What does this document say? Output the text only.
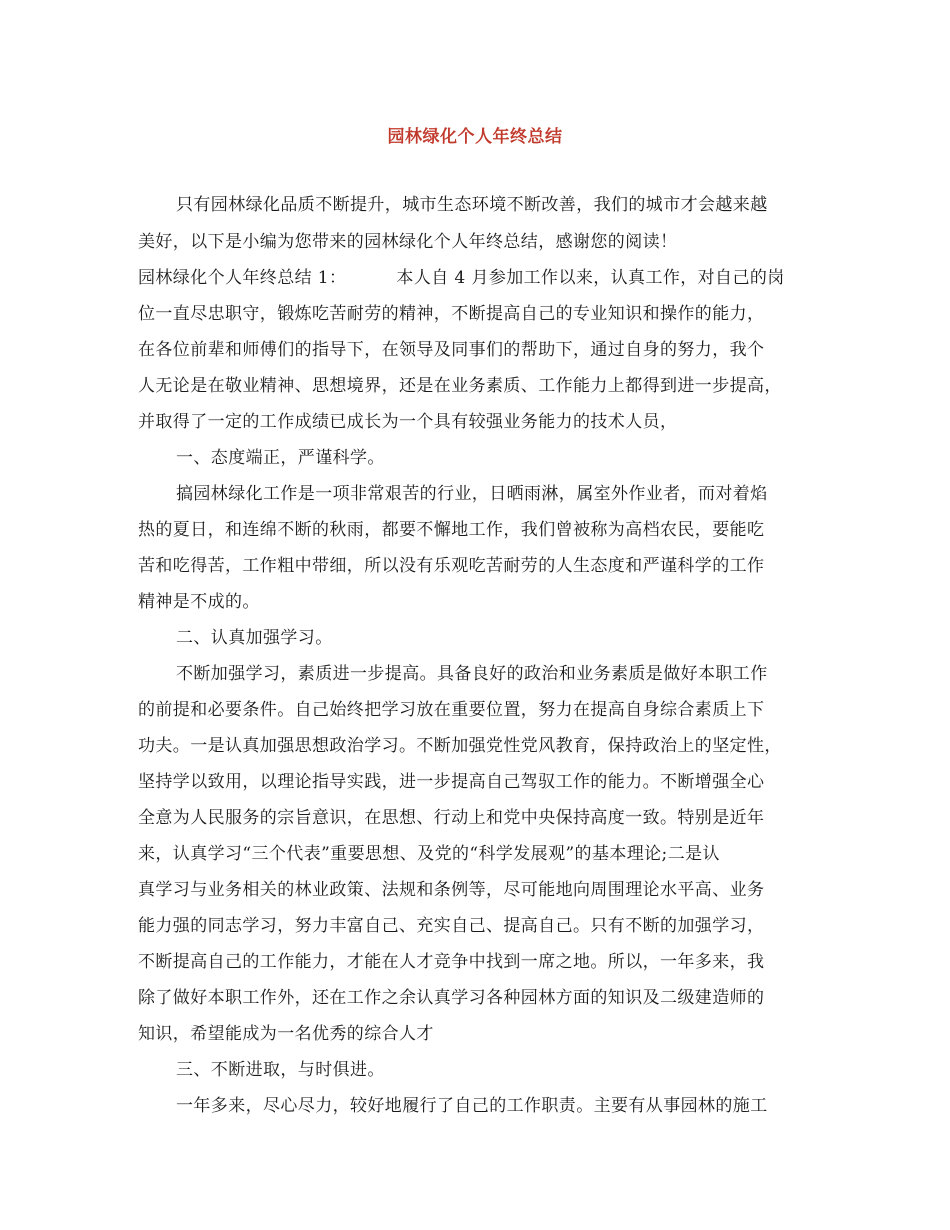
园林绿化个人年终总结
只有园林绿化品质不断提升，城市生态环境不断改善，我们的城市才会越来越
美好，以下是小编为您带来的园林绿化个人年终总结，感谢您的阅读！
园林绿化个人年终总结 1：	本人自 4 月参加工作以来，认真工作，对自己的岗
位一直尽忠职守，锻炼吃苦耐劳的精神，不断提高自己的专业知识和操作的能力，
在各位前辈和师傅们的指导下，在领导及同事们的帮助下，通过自身的努力，我个
人无论是在敬业精神、思想境界，还是在业务素质、工作能力上都得到进一步提高，
并取得了一定的工作成绩已成长为一个具有较强业务能力的技术人员，
一、态度端正，严谨科学。
搞园林绿化工作是一项非常艰苦的行业，日晒雨淋，属室外作业者，而对着焰
热的夏日，和连绵不断的秋雨，都要不懈地工作，我们曾被称为高档农民，要能吃
苦和吃得苦，工作粗中带细，所以没有乐观吃苦耐劳的人生态度和严谨科学的工作
精神是不成的。
二、认真加强学习。
不断加强学习，素质进一步提高。具备良好的政治和业务素质是做好本职工作
的前提和必要条件。自己始终把学习放在重要位置，努力在提高自身综合素质上下
功夫。一是认真加强思想政治学习。不断加强党性党风教育，保持政治上的坚定性，
坚持学以致用，以理论指导实践，进一步提高自己驾驭工作的能力。不断增强全心
全意为人民服务的宗旨意识，在思想、行动上和党中央保持高度一致。特别是近年
来，认真学习“三个代表”重要思想、及党的“科学发展观”的基本理论;二是认
真学习与业务相关的林业政策、法规和条例等，尽可能地向周围理论水平高、业务
能力强的同志学习，努力丰富自己、充实自己、提高自己。只有不断的加强学习，
不断提高自己的工作能力，才能在人才竞争中找到一席之地。所以，一年多来，我
除了做好本职工作外，还在工作之余认真学习各种园林方面的知识及二级建造师的
知识，希望能成为一名优秀的综合人才
三、不断进取，与时俱进。
一年多来，尽心尽力，较好地履行了自己的工作职责。主要有从事园林的施工
